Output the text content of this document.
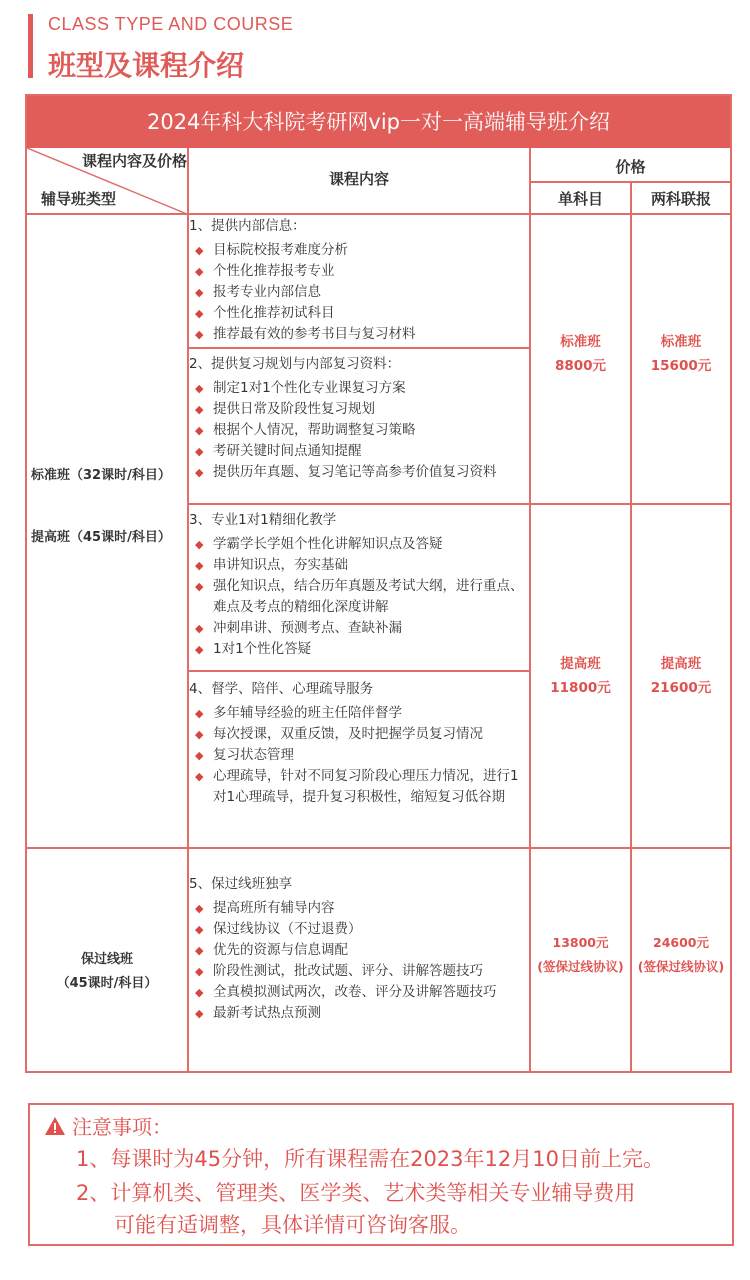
CLASS TYPE AND COURSE
班型及课程介绍
2024年科大科院考研网vip一对一高端辅导班介绍
课程内容及价格
辅导班类型
课程内容
价格
单科目	两科联报
标准班（32课时/科目）
提高班（45课时/科目）
保过线班
（45课时/科目）
1、提供内部信息：
◆ 目标院校报考难度分析
◆ 个性化推荐报考专业
◆ 报考专业内部信息
◆ 个性化推荐初试科目
◆ 推荐最有效的参考书目与复习材料
2、提供复习规划与内部复习资料：
◆ 制定1对1个性化专业课复习方案
◆ 提供日常及阶段性复习规划
◆ 根据个人情况，帮助调整复习策略
◆ 考研关键时间点通知提醒
◆ 提供历年真题、复习笔记等高参考价值复习资料
3、专业1对1精细化教学
◆ 学霸学长学姐个性化讲解知识点及答疑
◆ 串讲知识点，夯实基础
◆ 强化知识点，结合历年真题及考试大纲，进行重点、难点及考点的精细化深度讲解
◆ 冲刺串讲、预测考点、查缺补漏
◆ 1对1个性化答疑
4、督学、陪伴、心理疏导服务
◆ 多年辅导经验的班主任陪伴督学
◆ 每次授课，双重反馈，及时把握学员复习情况
◆ 复习状态管理
◆ 心理疏导，针对不同复习阶段心理压力情况，进行1对1心理疏导，提升复习积极性，缩短复习低谷期
5、保过线班独享
◆ 提高班所有辅导内容
◆ 保过线协议（不过退费）
◆ 优先的资源与信息调配
◆ 阶段性测试，批改试题、评分、讲解答题技巧
◆ 全真模拟测试两次，改卷、评分及讲解答题技巧
◆ 最新考试热点预测
标准班
8800元
标准班
15600元
提高班
11800元
提高班
21600元
13800元
(签保过线协议)
24600元
(签保过线协议)
注意事项：
1、每课时为45分钟，所有课程需在2023年12月10日前上完。
2、计算机类、管理类、医学类、艺术类等相关专业辅导费用
可能有适调整，具体详情可咨询客服。
